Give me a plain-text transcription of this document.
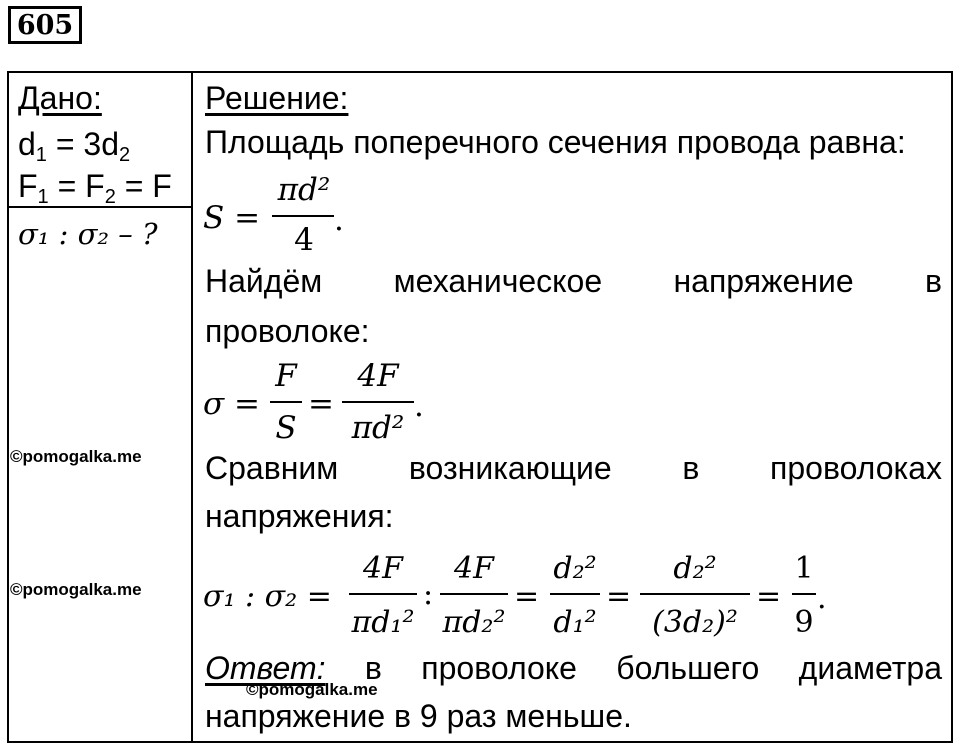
605
Дано:
$d_1 = 3d_2$
$F_1 = F_2 = F$
σ₁ : σ₂ – ?
Решение:
Площадь поперечного сечения провода равна:
S =
πd²
4
.
Найдём механическое напряжение в
проволоке:
σ =
F
S
=
4F
πd²
.
Сравним возникающие в проволоках
напряжения:
σ₁ : σ₂ =
4F
πd₁²
:
4F
πd₂²
=
d₂²
d₁²
=
d₂²
(3d₂)²
=
1
9
.
Ответ: в проволоке большего диаметра
напряжение в 9 раз меньше.
©pomogalka.me
©pomogalka.me
©pomogalka.me
